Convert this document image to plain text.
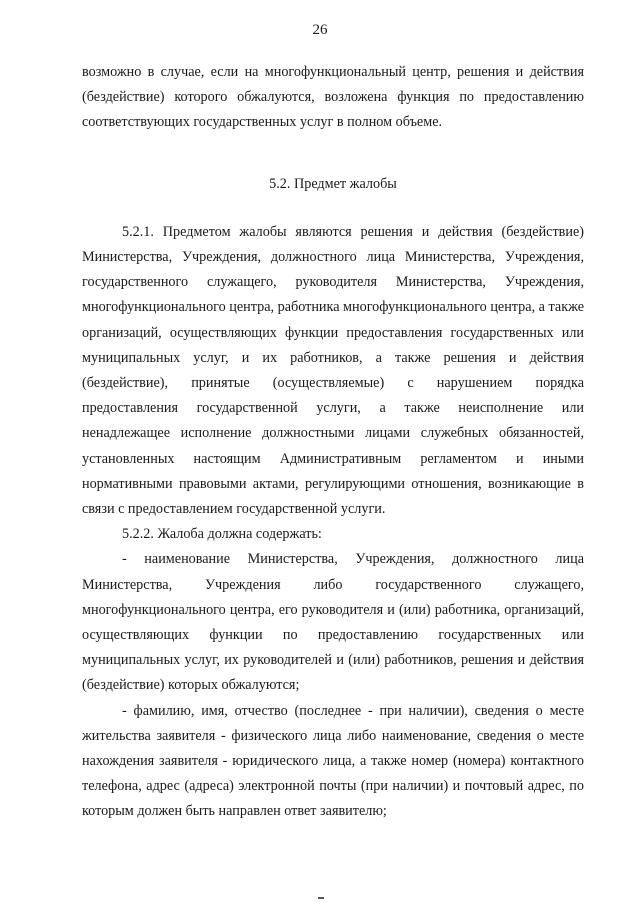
26

возможно в случае, если на многофункциональный центр, решения и действия (бездействие) которого обжалуются, возложена функция по предоставлению соответствующих государственных услуг в полном объеме.

5.2. Предмет жалобы

5.2.1. Предметом жалобы являются решения и действия (бездействие) Министерства, Учреждения, должностного лица Министерства, Учреждения, государственного служащего, руководителя Министерства, Учреждения, многофункционального центра, работника многофункционального центра, а также организаций, осуществляющих функции предоставления государственных или муниципальных услуг, и их работников, а также решения и действия (бездействие), принятые (осуществляемые) с нарушением порядка предоставления государственной услуги, а также неисполнение или ненадлежащее исполнение должностными лицами служебных обязанностей, установленных настоящим Административным регламентом и иными нормативными правовыми актами, регулирующими отношения, возникающие в связи с предоставлением государственной услуги.

5.2.2. Жалоба должна содержать:

- наименование Министерства, Учреждения, должностного лица Министерства, Учреждения либо государственного служащего, многофункционального центра, его руководителя и (или) работника, организаций, осуществляющих функции по предоставлению государственных или муниципальных услуг, их руководителей и (или) работников, решения и действия (бездействие) которых обжалуются;

- фамилию, имя, отчество (последнее - при наличии), сведения о месте жительства заявителя - физического лица либо наименование, сведения о месте нахождения заявителя - юридического лица, а также номер (номера) контактного телефона, адрес (адреса) электронной почты (при наличии) и почтовый адрес, по которым должен быть направлен ответ заявителю;
